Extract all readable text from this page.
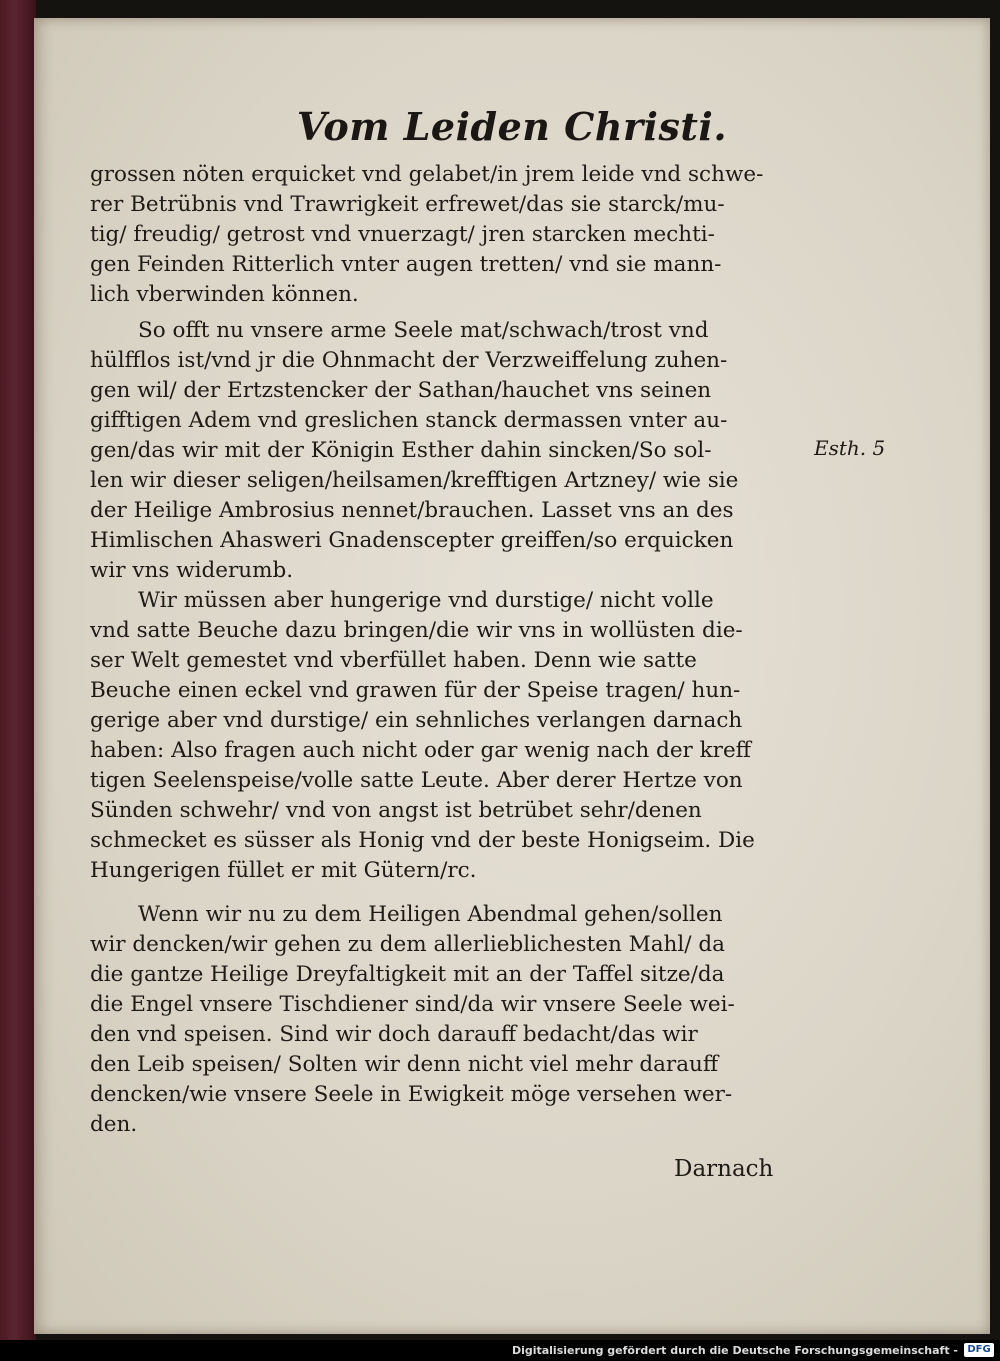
Vom Leiden Christi.
grossen nöten erquicket vnd gelabet/in jrem leide vnd schwe-
rer Betrübnis vnd Trawrigkeit erfrewet/das sie starck/mu-
tig/ freudig/ getrost vnd vnuerzagt/ jren starcken mechti-
gen Feinden Ritterlich vnter augen tretten/ vnd sie mann-
lich vberwinden können.
So offt nu vnsere arme Seele mat/schwach/trost vnd
hülfflos ist/vnd jr die Ohnmacht der Verzweiffelung zuhen-
gen wil/ der Ertzstencker der Sathan/hauchet vns seinen
gifftigen Adem vnd greslichen stanck dermassen vnter au-
gen/das wir mit der Königin Esther dahin sincken/So sol-
len wir dieser seligen/heilsamen/krefftigen Artzney/ wie sie
der Heilige Ambrosius nennet/brauchen. Lasset vns an des
Himlischen Ahasweri Gnadenscepter greiffen/so erquicken
wir vns widerumb.
Wir müssen aber hungerige vnd durstige/ nicht volle
vnd satte Beuche dazu bringen/die wir vns in wollüsten die-
ser Welt gemestet vnd vberfüllet haben. Denn wie satte
Beuche einen eckel vnd grawen für der Speise tragen/ hun-
gerige aber vnd durstige/ ein sehnliches verlangen darnach
haben: Also fragen auch nicht oder gar wenig nach der kreff
tigen Seelenspeise/volle satte Leute. Aber derer Hertze von
Sünden schwehr/ vnd von angst ist betrübet sehr/denen
schmecket es süsser als Honig vnd der beste Honigseim. Die
Hungerigen füllet er mit Gütern/rc.
Wenn wir nu zu dem Heiligen Abendmal gehen/sollen
wir dencken/wir gehen zu dem allerlieblichesten Mahl/ da
die gantze Heilige Dreyfaltigkeit mit an der Taffel sitze/da
die Engel vnsere Tischdiener sind/da wir vnsere Seele wei-
den vnd speisen. Sind wir doch darauff bedacht/das wir
den Leib speisen/ Solten wir denn nicht viel mehr darauff
dencken/wie vnsere Seele in Ewigkeit möge versehen wer-
den.
Esth. 5
Darnach
Digitalisierung gefördert durch die Deutsche Forschungsgemeinschaft - DFG
